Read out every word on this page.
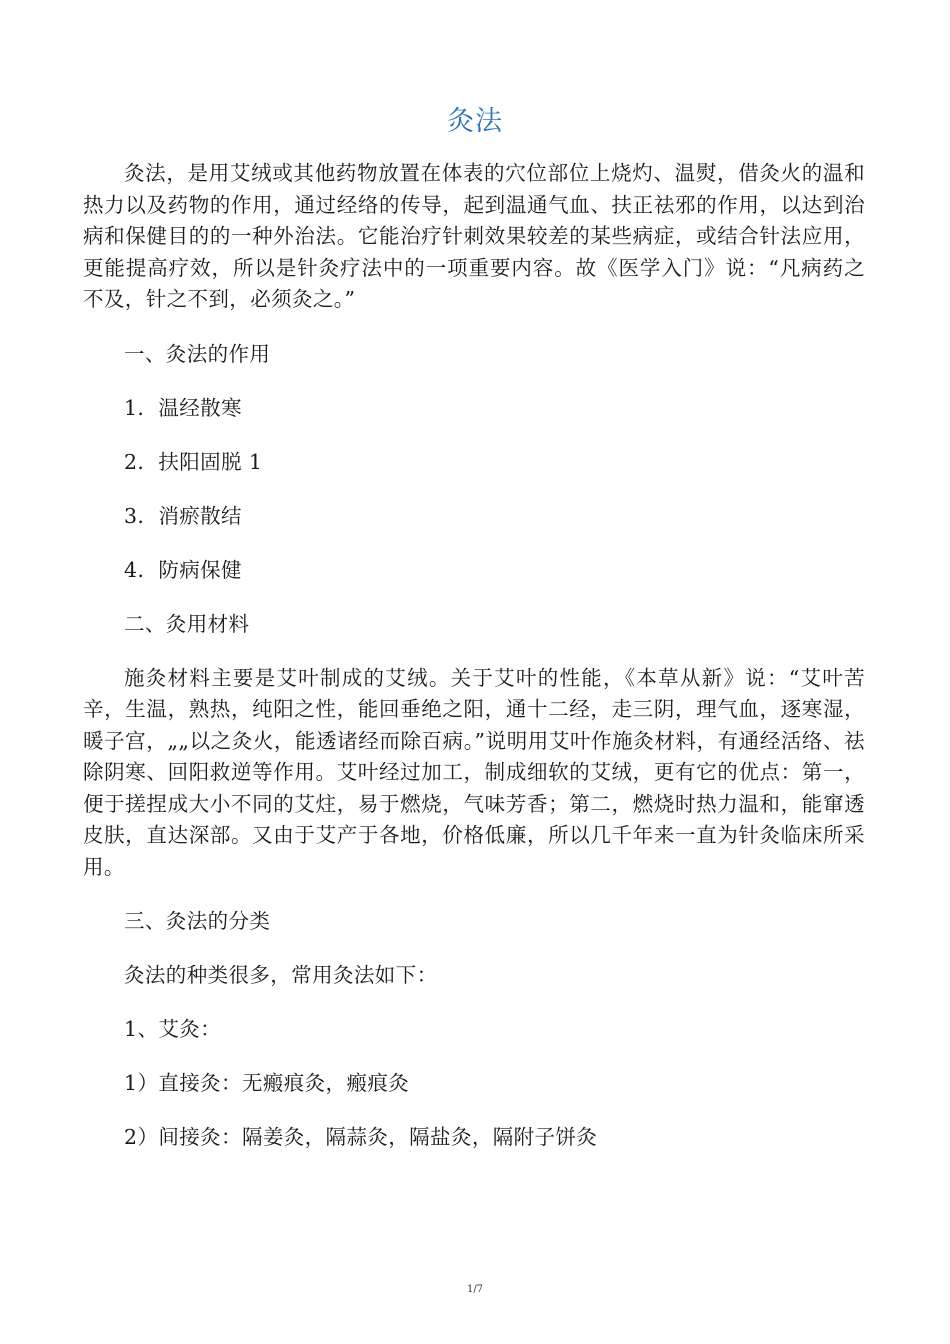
灸法

灸法，是用艾绒或其他药物放置在体表的穴位部位上烧灼、温熨，借灸火的温和热力以及药物的作用，通过经络的传导，起到温通气血、扶正祛邪的作用，以达到治病和保健目的的一种外治法。它能治疗针刺效果较差的某些病症，或结合针法应用，更能提高疗效，所以是针灸疗法中的一项重要内容。故《医学入门》说：“凡病药之不及，针之不到，必须灸之。”

一、灸法的作用
1．温经散寒
2．扶阳固脱 1
3．消瘀散结
4．防病保健
二、灸用材料

施灸材料主要是艾叶制成的艾绒。关于艾叶的性能，《本草从新》说：“艾叶苦辛，生温，熟热，纯阳之性，能回垂绝之阳，通十二经，走三阴，理气血，逐寒湿，暖子宫，„„以之灸火，能透诸经而除百病。”说明用艾叶作施灸材料，有通经活络、祛除阴寒、回阳救逆等作用。艾叶经过加工，制成细软的艾绒，更有它的优点：第一，便于搓捏成大小不同的艾炷，易于燃烧，气味芳香；第二，燃烧时热力温和，能窜透皮肤，直达深部。又由于艾产于各地，价格低廉，所以几千年来一直为针灸临床所采用。

三、灸法的分类
灸法的种类很多，常用灸法如下：
1、艾灸：
1）直接灸：无瘢痕灸，瘢痕灸
2）间接灸：隔姜灸，隔蒜灸，隔盐灸，隔附子饼灸
1/7
